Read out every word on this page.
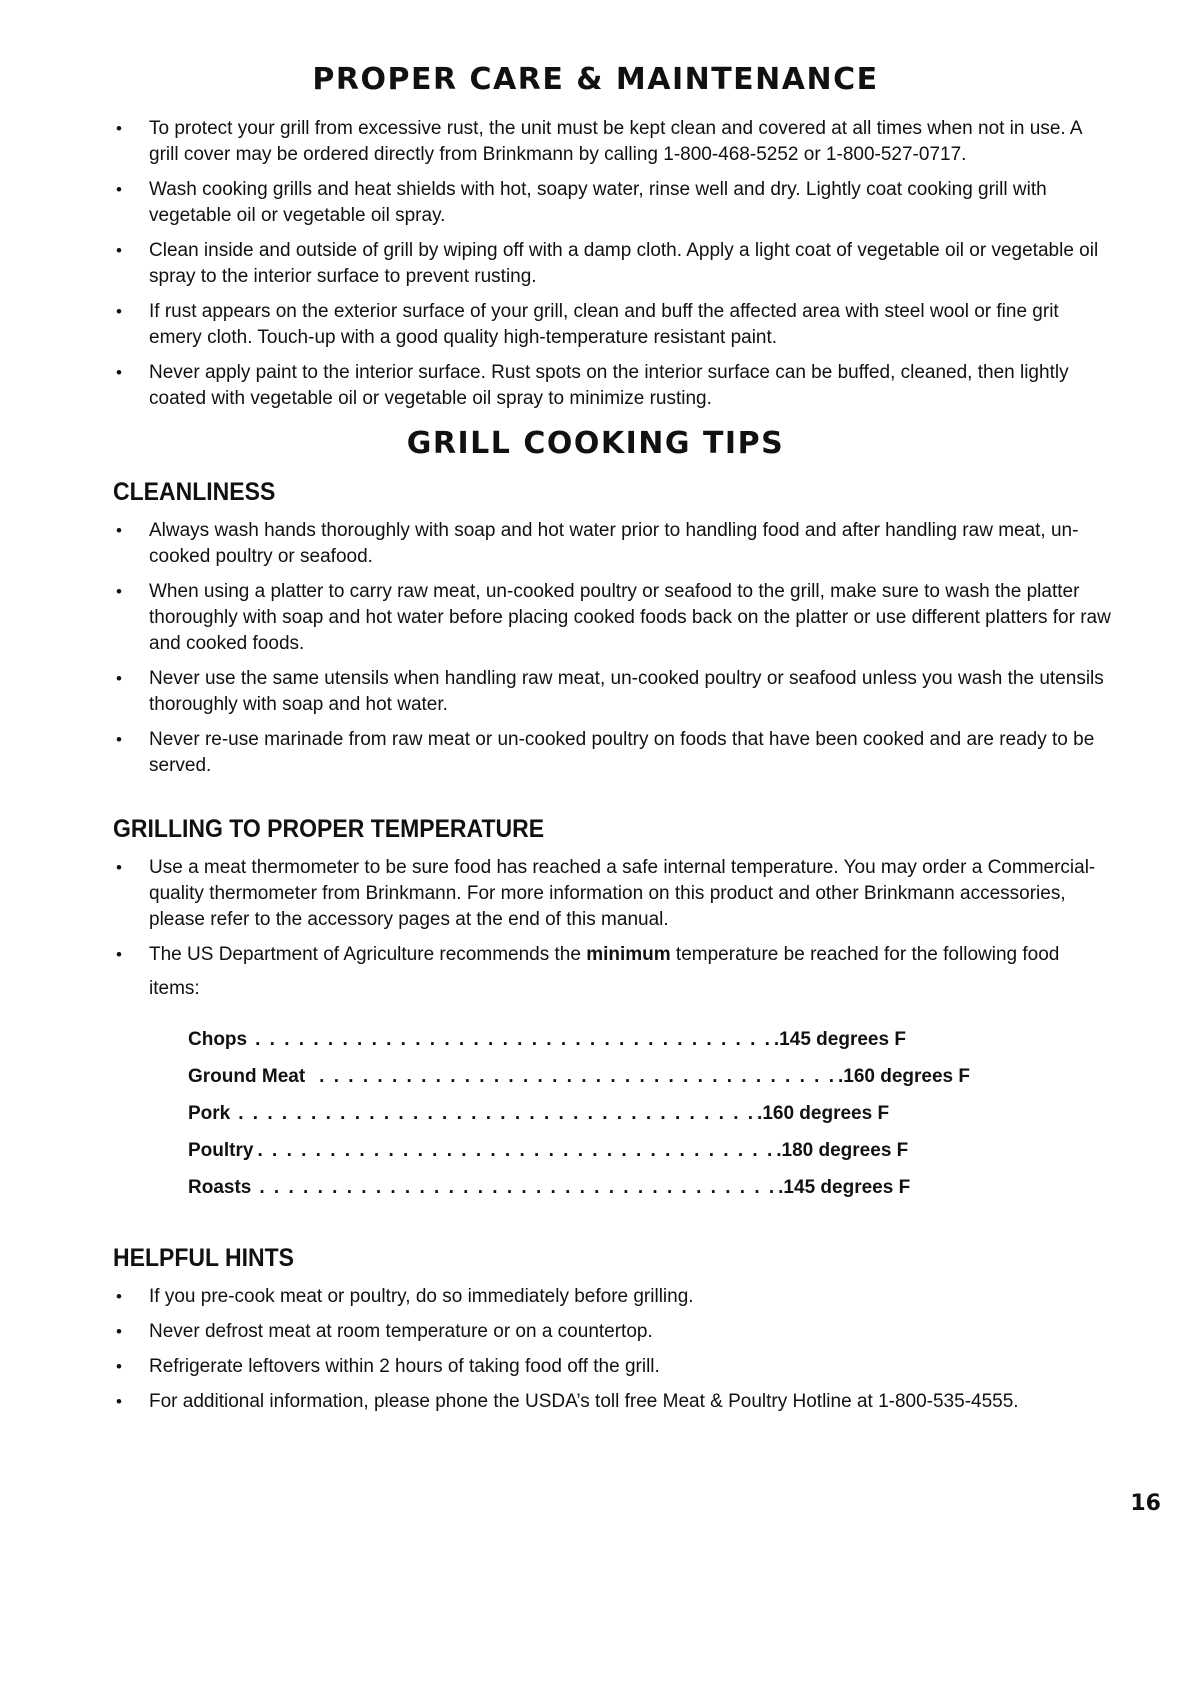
PROPER CARE & MAINTENANCE
• To protect your grill from excessive rust, the unit must be kept clean and covered at all times when not in use. A grill cover may be ordered directly from Brinkmann by calling 1-800-468-5252 or 1-800-527-0717.
• Wash cooking grills and heat shields with hot, soapy water, rinse well and dry. Lightly coat cooking grill with vegetable oil or vegetable oil spray.
• Clean inside and outside of grill by wiping off with a damp cloth. Apply a light coat of vegetable oil or vegetable oil spray to the interior surface to prevent rusting.
• If rust appears on the exterior surface of your grill, clean and buff the affected area with steel wool or fine grit emery cloth. Touch-up with a good quality high-temperature resistant paint.
• Never apply paint to the interior surface. Rust spots on the interior surface can be buffed, cleaned, then lightly coated with vegetable oil or vegetable oil spray to minimize rusting.
GRILL COOKING TIPS
CLEANLINESS
• Always wash hands thoroughly with soap and hot water prior to handling food and after handling raw meat, un-cooked poultry or seafood.
• When using a platter to carry raw meat, un-cooked poultry or seafood to the grill, make sure to wash the platter thoroughly with soap and hot water before placing cooked foods back on the platter or use different platters for raw and cooked foods.
• Never use the same utensils when handling raw meat, un-cooked poultry or seafood unless you wash the utensils thoroughly with soap and hot water.
• Never re-use marinade from raw meat or un-cooked poultry on foods that have been cooked and are ready to be served.
GRILLING TO PROPER TEMPERATURE
• Use a meat thermometer to be sure food has reached a safe internal temperature. You may order a Commercial-quality thermometer from Brinkmann. For more information on this product and other Brinkmann accessories, please refer to the accessory pages at the end of this manual.
• The US Department of Agriculture recommends the minimum temperature be reached for the following food items:
Chops . . . . . . . . . . . . . . . . . . . . . . . . . . . . . . . . . . . . .145 degrees F
Ground Meat . . . . . . . . . . . . . . . . . . . . . . . . . . . . . . . . . . . . .160 degrees F
Pork . . . . . . . . . . . . . . . . . . . . . . . . . . . . . . . . . . . . .160 degrees F
Poultry . . . . . . . . . . . . . . . . . . . . . . . . . . . . . . . . . . . . .180 degrees F
Roasts . . . . . . . . . . . . . . . . . . . . . . . . . . . . . . . . . . . . .145 degrees F
HELPFUL HINTS
• If you pre-cook meat or poultry, do so immediately before grilling.
• Never defrost meat at room temperature or on a countertop.
• Refrigerate leftovers within 2 hours of taking food off the grill.
• For additional information, please phone the USDA’s toll free Meat & Poultry Hotline at 1-800-535-4555.
16
